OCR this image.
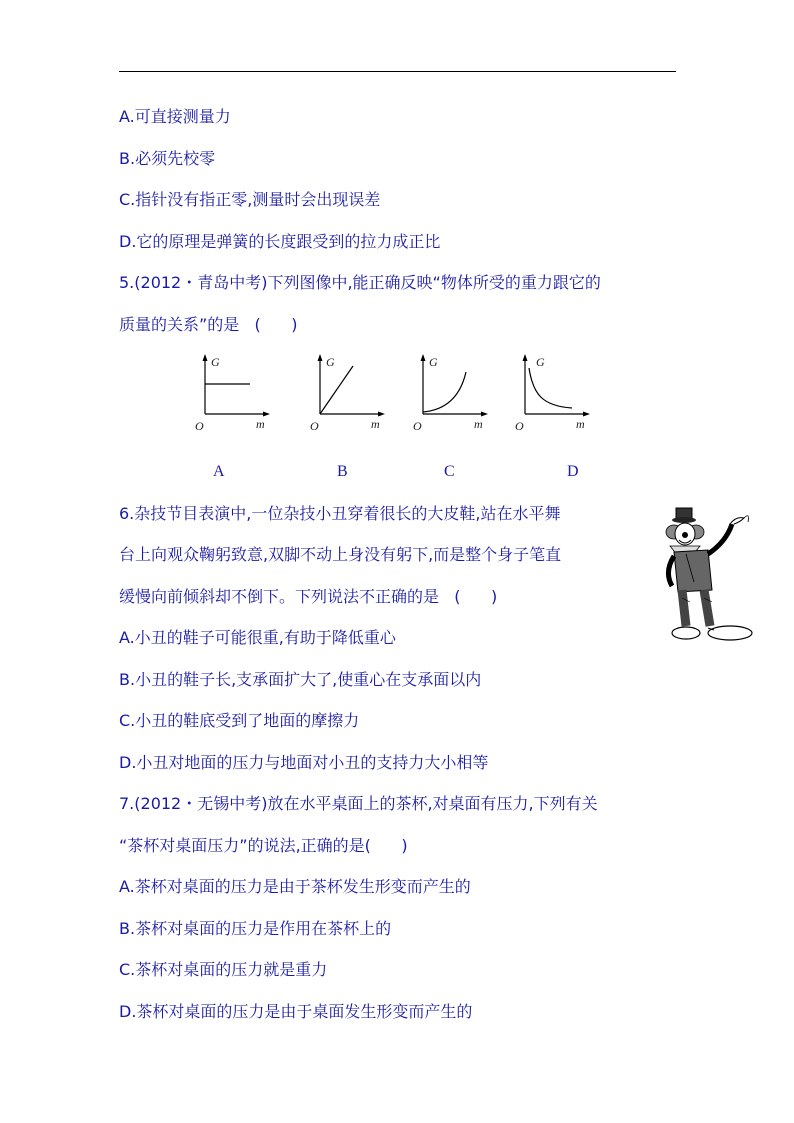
A.可直接测量力
B.必须先校零
C.指针没有指正零,测量时会出现误差
D.它的原理是弹簧的长度跟受到的拉力成正比
5.(2012・青岛中考)下列图像中,能正确反映“物体所受的重力跟它的
质量的关系”的是   (      )
G
m
O
G
m
O
G
m
O
G
m
O
A	B	C	D
6.杂技节目表演中,一位杂技小丑穿着很长的大皮鞋,站在水平舞
台上向观众鞠躬致意,双脚不动上身没有躬下,而是整个身子笔直
缓慢向前倾斜却不倒下。下列说法不正确的是   (      )
A.小丑的鞋子可能很重,有助于降低重心
B.小丑的鞋子长,支承面扩大了,使重心在支承面以内
C.小丑的鞋底受到了地面的摩擦力
D.小丑对地面的压力与地面对小丑的支持力大小相等
7.(2012・无锡中考)放在水平桌面上的茶杯,对桌面有压力,下列有关
“茶杯对桌面压力”的说法,正确的是(      )
A.茶杯对桌面的压力是由于茶杯发生形变而产生的
B.茶杯对桌面的压力是作用在茶杯上的
C.茶杯对桌面的压力就是重力
D.茶杯对桌面的压力是由于桌面发生形变而产生的
